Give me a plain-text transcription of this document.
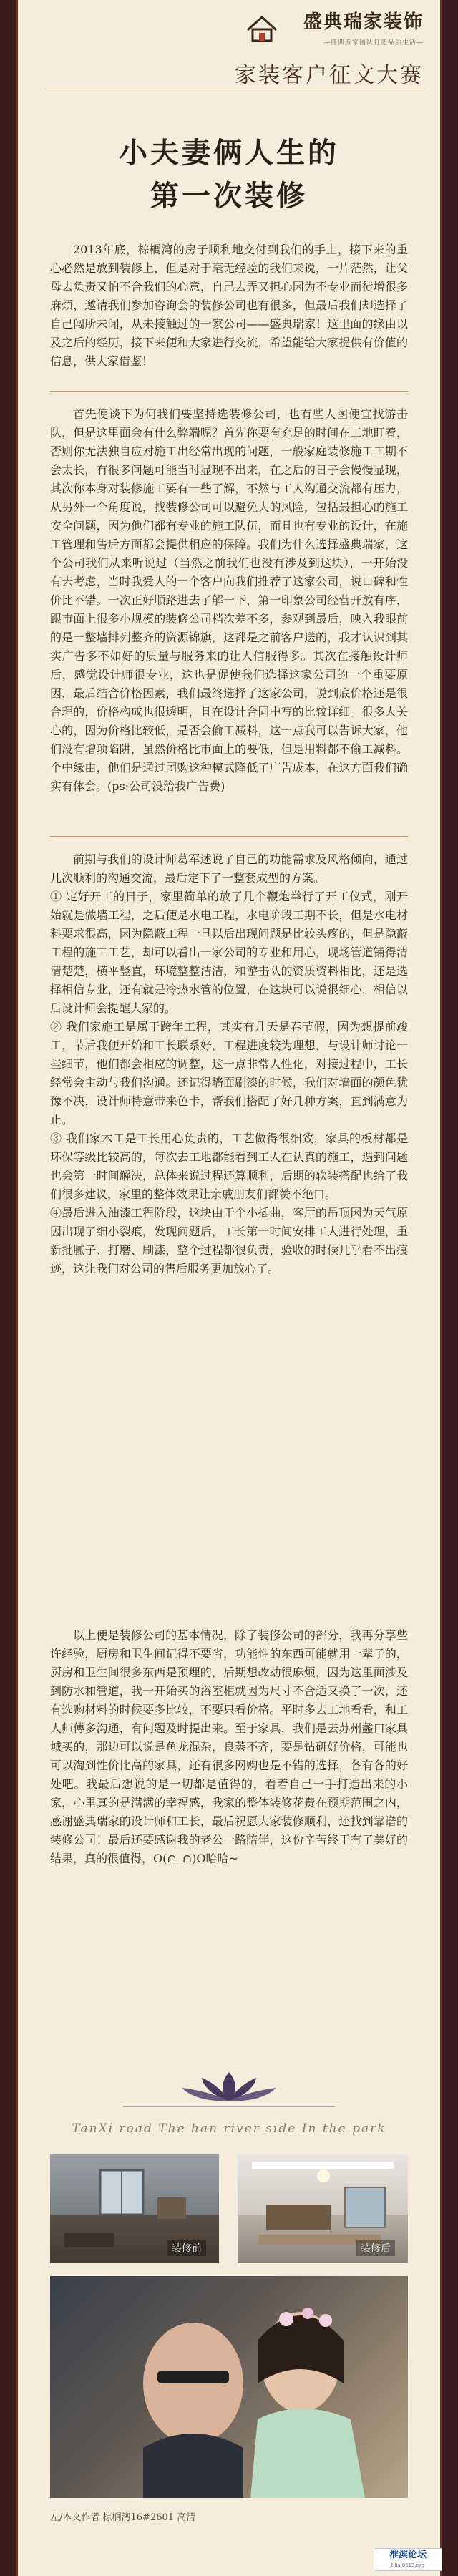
盛典瑞家装饰
—盛典专家团队打造品质生活—
家装客户征文大赛
小夫妻俩人生的
第一次装修
2013年底，棕榈湾的房子顺利地交付到我们的手上，接下来的重心必然是放到装修上，但是对于毫无经验的我们来说，一片茫然，让父母去负责又怕不合我们的心意，自己去弄又担心因为不专业而徒增很多麻烦，邀请我们参加咨询会的装修公司也有很多，但最后我们却选择了自己闯所未闻，从未接触过的一家公司——盛典瑞家！这里面的缘由以及之后的经历，接下来便和大家进行交流，希望能给大家提供有价值的信息，供大家借鉴！
首先便谈下为何我们要坚持选装修公司，也有些人图便宜找游击队，但是这里面会有什么弊端呢？首先你要有充足的时间在工地盯着，否则你无法独自应对施工出经常出现的问题，一般家庭装修施工工期不会太长，有很多问题可能当时显现不出来，在之后的日子会慢慢显现，其次你本身对装修施工要有一些了解，不然与工人沟通交流都有压力，从另外一个角度说，找装修公司可以避免大的风险，包括最担心的施工安全问题，因为他们都有专业的施工队伍，而且也有专业的设计，在施工管理和售后方面都会提供相应的保障。我们为什么选择盛典瑞家，这个公司我们从来听说过（当然之前我们也没有涉及到这块），一开始没有去考虑，当时我爱人的一个客户向我们推荐了这家公司，说口碑和性价比不错。一次正好顺路进去了解一下，第一印象公司经营开放有序，跟市面上很多小规模的装修公司档次差不多，参观到最后，映入我眼前的是一整墙排列整齐的资源锦旗，这都是之前客户送的，我才认识到其实广告多不如好的质量与服务来的让人信服得多。其次在接触设计师后，感觉设计师很专业，这也是促使我们选择这家公司的一个重要原因，最后结合价格因素，我们最终选择了这家公司，说到底价格还是很合理的，价格构成也很透明，且在设计合同中写的比较详细。很多人关心的，因为价格比较低，是否会偷工减料，这一点我可以告诉大家，他们没有增项陷阱，虽然价格比市面上的要低，但是用料都不偷工减料。个中缘由，他们是通过团购这种模式降低了广告成本，在这方面我们确实有体会。(ps:公司没给我广告费)
前期与我们的设计师葛军述说了自己的功能需求及风格倾向，通过几次顺利的沟通交流，最后定下了一整套成型的方案。
① 定好开工的日子，家里简单的放了几个鞭炮举行了开工仪式，刚开始就是做墙工程，之后便是水电工程，水电阶段工期不长，但是水电材料要求很高，因为隐蔽工程一旦以后出现问题是比较头疼的，但是隐蔽工程的施工工艺，却可以看出一家公司的专业和用心，现场管道铺得清清楚楚，横平竖直，环境整整洁洁，和游击队的资质资料相比，还是选择相信专业，还有就是冷热水管的位置，在这块可以说很细心，相信以后设计师会提醒大家的。
② 我们家施工是属于跨年工程，其实有几天是春节假，因为想提前竣工，节后我便开始和工长联系好，工程进度较为理想，与设计师讨论一些细节，他们都会相应的调整，这一点非常人性化，对接过程中，工长经常会主动与我们沟通。还记得墙面刷漆的时候，我们对墙面的颜色犹豫不决，设计师特意带来色卡，帮我们搭配了好几种方案，直到满意为止。
③ 我们家木工是工长用心负责的，工艺做得很细致，家具的板材都是环保等级比较高的，每次去工地都能看到工人在认真的施工，遇到问题也会第一时间解决，总体来说过程还算顺利，后期的软装搭配也给了我们很多建议，家里的整体效果让亲戚朋友们都赞不绝口。
④最后进入油漆工程阶段，这块由于个小插曲，客厅的吊顶因为天气原因出现了细小裂痕，发现问题后，工长第一时间安排工人进行处理，重新批腻子、打磨、刷漆，整个过程都很负责，验收的时候几乎看不出痕迹，这让我们对公司的售后服务更加放心了。
以上便是装修公司的基本情况，除了装修公司的部分，我再分享些许经验，厨房和卫生间记得不要省，功能性的东西可能就用一辈子的，厨房和卫生间很多东西是预埋的，后期想改动很麻烦，因为这里面涉及到防水和管道，我一开始买的浴室柜就因为尺寸不合适又换了一次，还有选购材料的时候要多比较，不要只看价格。平时多去工地看看，和工人师傅多沟通，有问题及时提出来。至于家具，我们是去苏州蠡口家具城买的，那边可以说是鱼龙混杂，良莠不齐，要是钻研好价格，可能也可以淘到性价比高的家具，还有很多网购也是不错的选择，各有各的好处吧。我最后想说的是一切都是值得的，看着自己一手打造出来的小家，心里真的是满满的幸福感，我家的整体装修花费在预期范围之内，感谢盛典瑞家的设计师和工长，最后祝愿大家装修顺利，还找到靠谱的装修公司！最后还要感谢我的老公一路陪伴，这份辛苦终于有了美好的结果，真的很值得，O(∩_∩)O哈哈~
TanXi road The han river side In the park
装修前	装修后
左/本文作者 棕榈湾16#2601 高清
淮滨论坛
bbs.0513.org
